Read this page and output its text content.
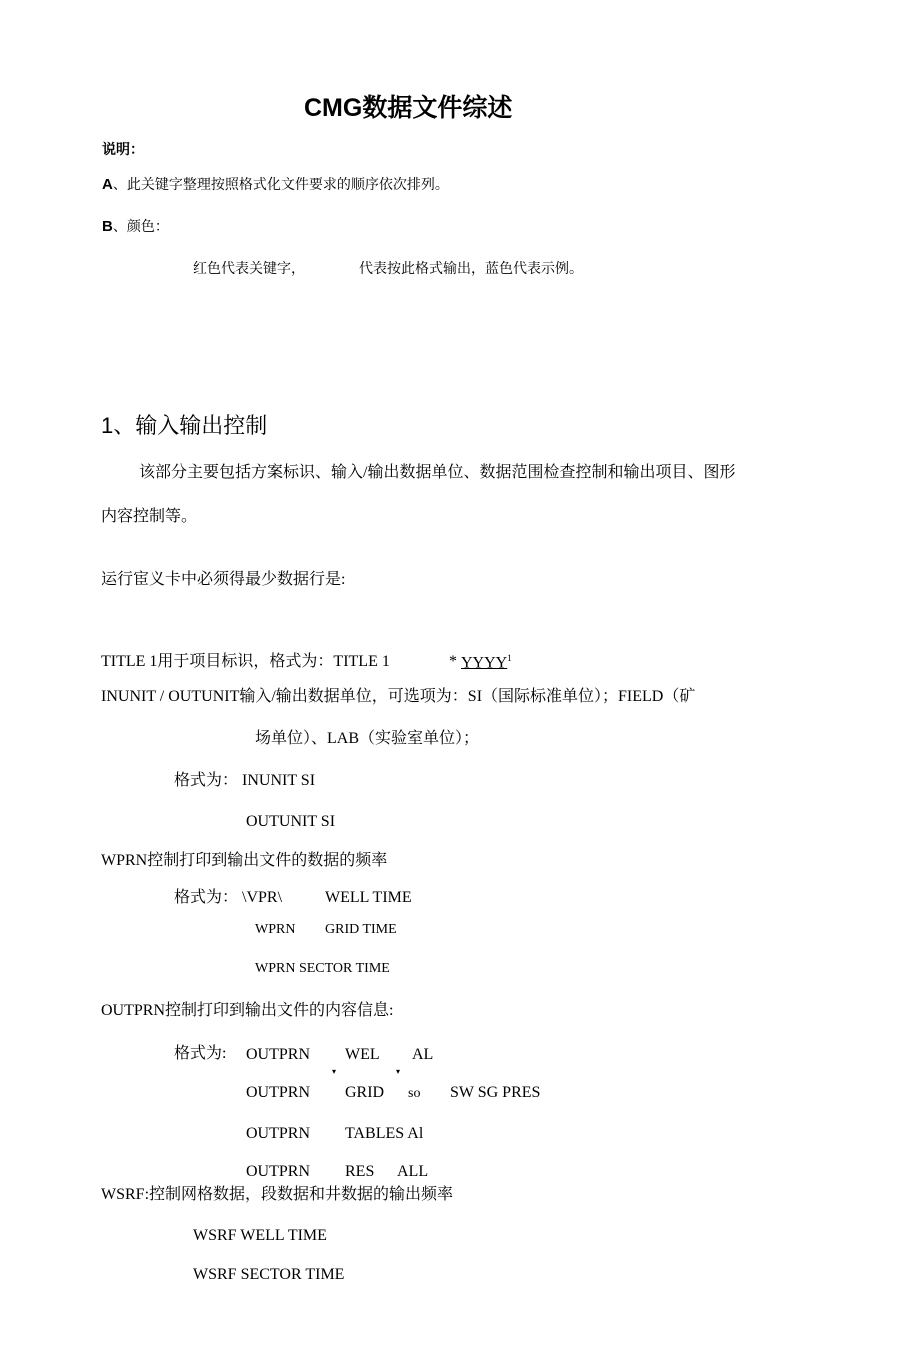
CMG数据文件综述
说明：
A、此关键字整理按照格式化文件要求的顺序依次排列。
B、颜色：
红色代表关键字，	代表按此格式输出，蓝色代表示例。
1、输入输出控制
该部分主要包括方案标识、输入/输出数据单位、数据范围检查控制和输出项目、图形
内容控制等。
运行宦义卡中必须得最少数据行是:
TITLE 1用于项目标识，格式为：TITLE 1	* YYYY$^1$
INUNIT / OUTUNIT输入/输出数据单位，可选项为：SI（国际标准单位）；FIELD（矿
场单位）、LAB（实验室单位）；
格式为： INUNIT SI
OUTUNIT SI
WPRN控制打印到输出文件的数据的频率
格式为： \VPR\	WELL TIME
WPRN GRID TIME
WPRN SECTOR TIME
OUTPRN控制打印到输出文件的内容信息:
格式为: OUTPRN WEL AL
▾	▾
OUTPRN GRID so SW SG PRES
OUTPRN TABLES Al
OUTPRN RES ALL
WSRF:控制网格数据，段数据和井数据的输出频率
WSRF WELL TIME
WSRF SECTOR TIME
